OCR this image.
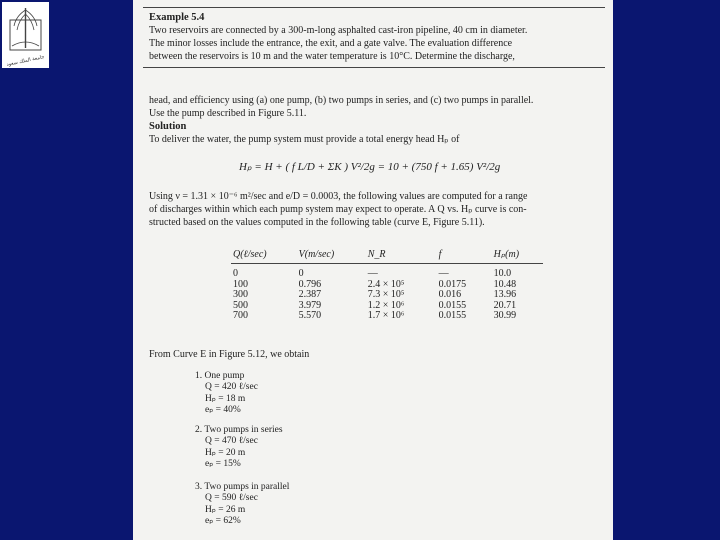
جامعة الملك سعود
Example 5.4
Two reservoirs are connected by a 300-m-long asphalted cast-iron pipeline, 40 cm in diameter.
The minor losses include the entrance, the exit, and a gate valve. The evaluation difference
between the reservoirs is 10 m and the water temperature is 10°C. Determine the discharge,
head, and efficiency using (a) one pump, (b) two pumps in series, and (c) two pumps in parallel.
Use the pump described in Figure 5.11.
Solution
To deliver the water, the pump system must provide a total energy head Hₚ of
Hₚ = H + ( f L/D + ΣK ) V²/2g = 10 + (750 f + 1.65) V²/2g
Using ν = 1.31 × 10⁻⁶ m²/sec and e/D = 0.0003, the following values are computed for a range
of discharges within which each pump system may expect to operate. A Q vs. Hₚ curve is con-
structed based on the values computed in the following table (curve E, Figure 5.11).
Q(ℓ/sec)	V(m/sec)	N_R	f	Hₚ(m)

0	0	—	—	10.0
100	0.796	2.4 × 10⁵	0.0175	10.48
300	2.387	7.3 × 10⁵	0.016	13.96
500	3.979	1.2 × 10⁶	0.0155	20.71
700	5.570	1.7 × 10⁶	0.0155	30.99
From Curve E in Figure 5.12, we obtain
1. One pump
Q = 420 ℓ/sec
Hₚ = 18 m
eₚ = 40%
2. Two pumps in series
Q = 470 ℓ/sec
Hₚ = 20 m
eₚ = 15%
3. Two pumps in parallel
Q = 590 ℓ/sec
Hₚ = 26 m
eₚ = 62%
